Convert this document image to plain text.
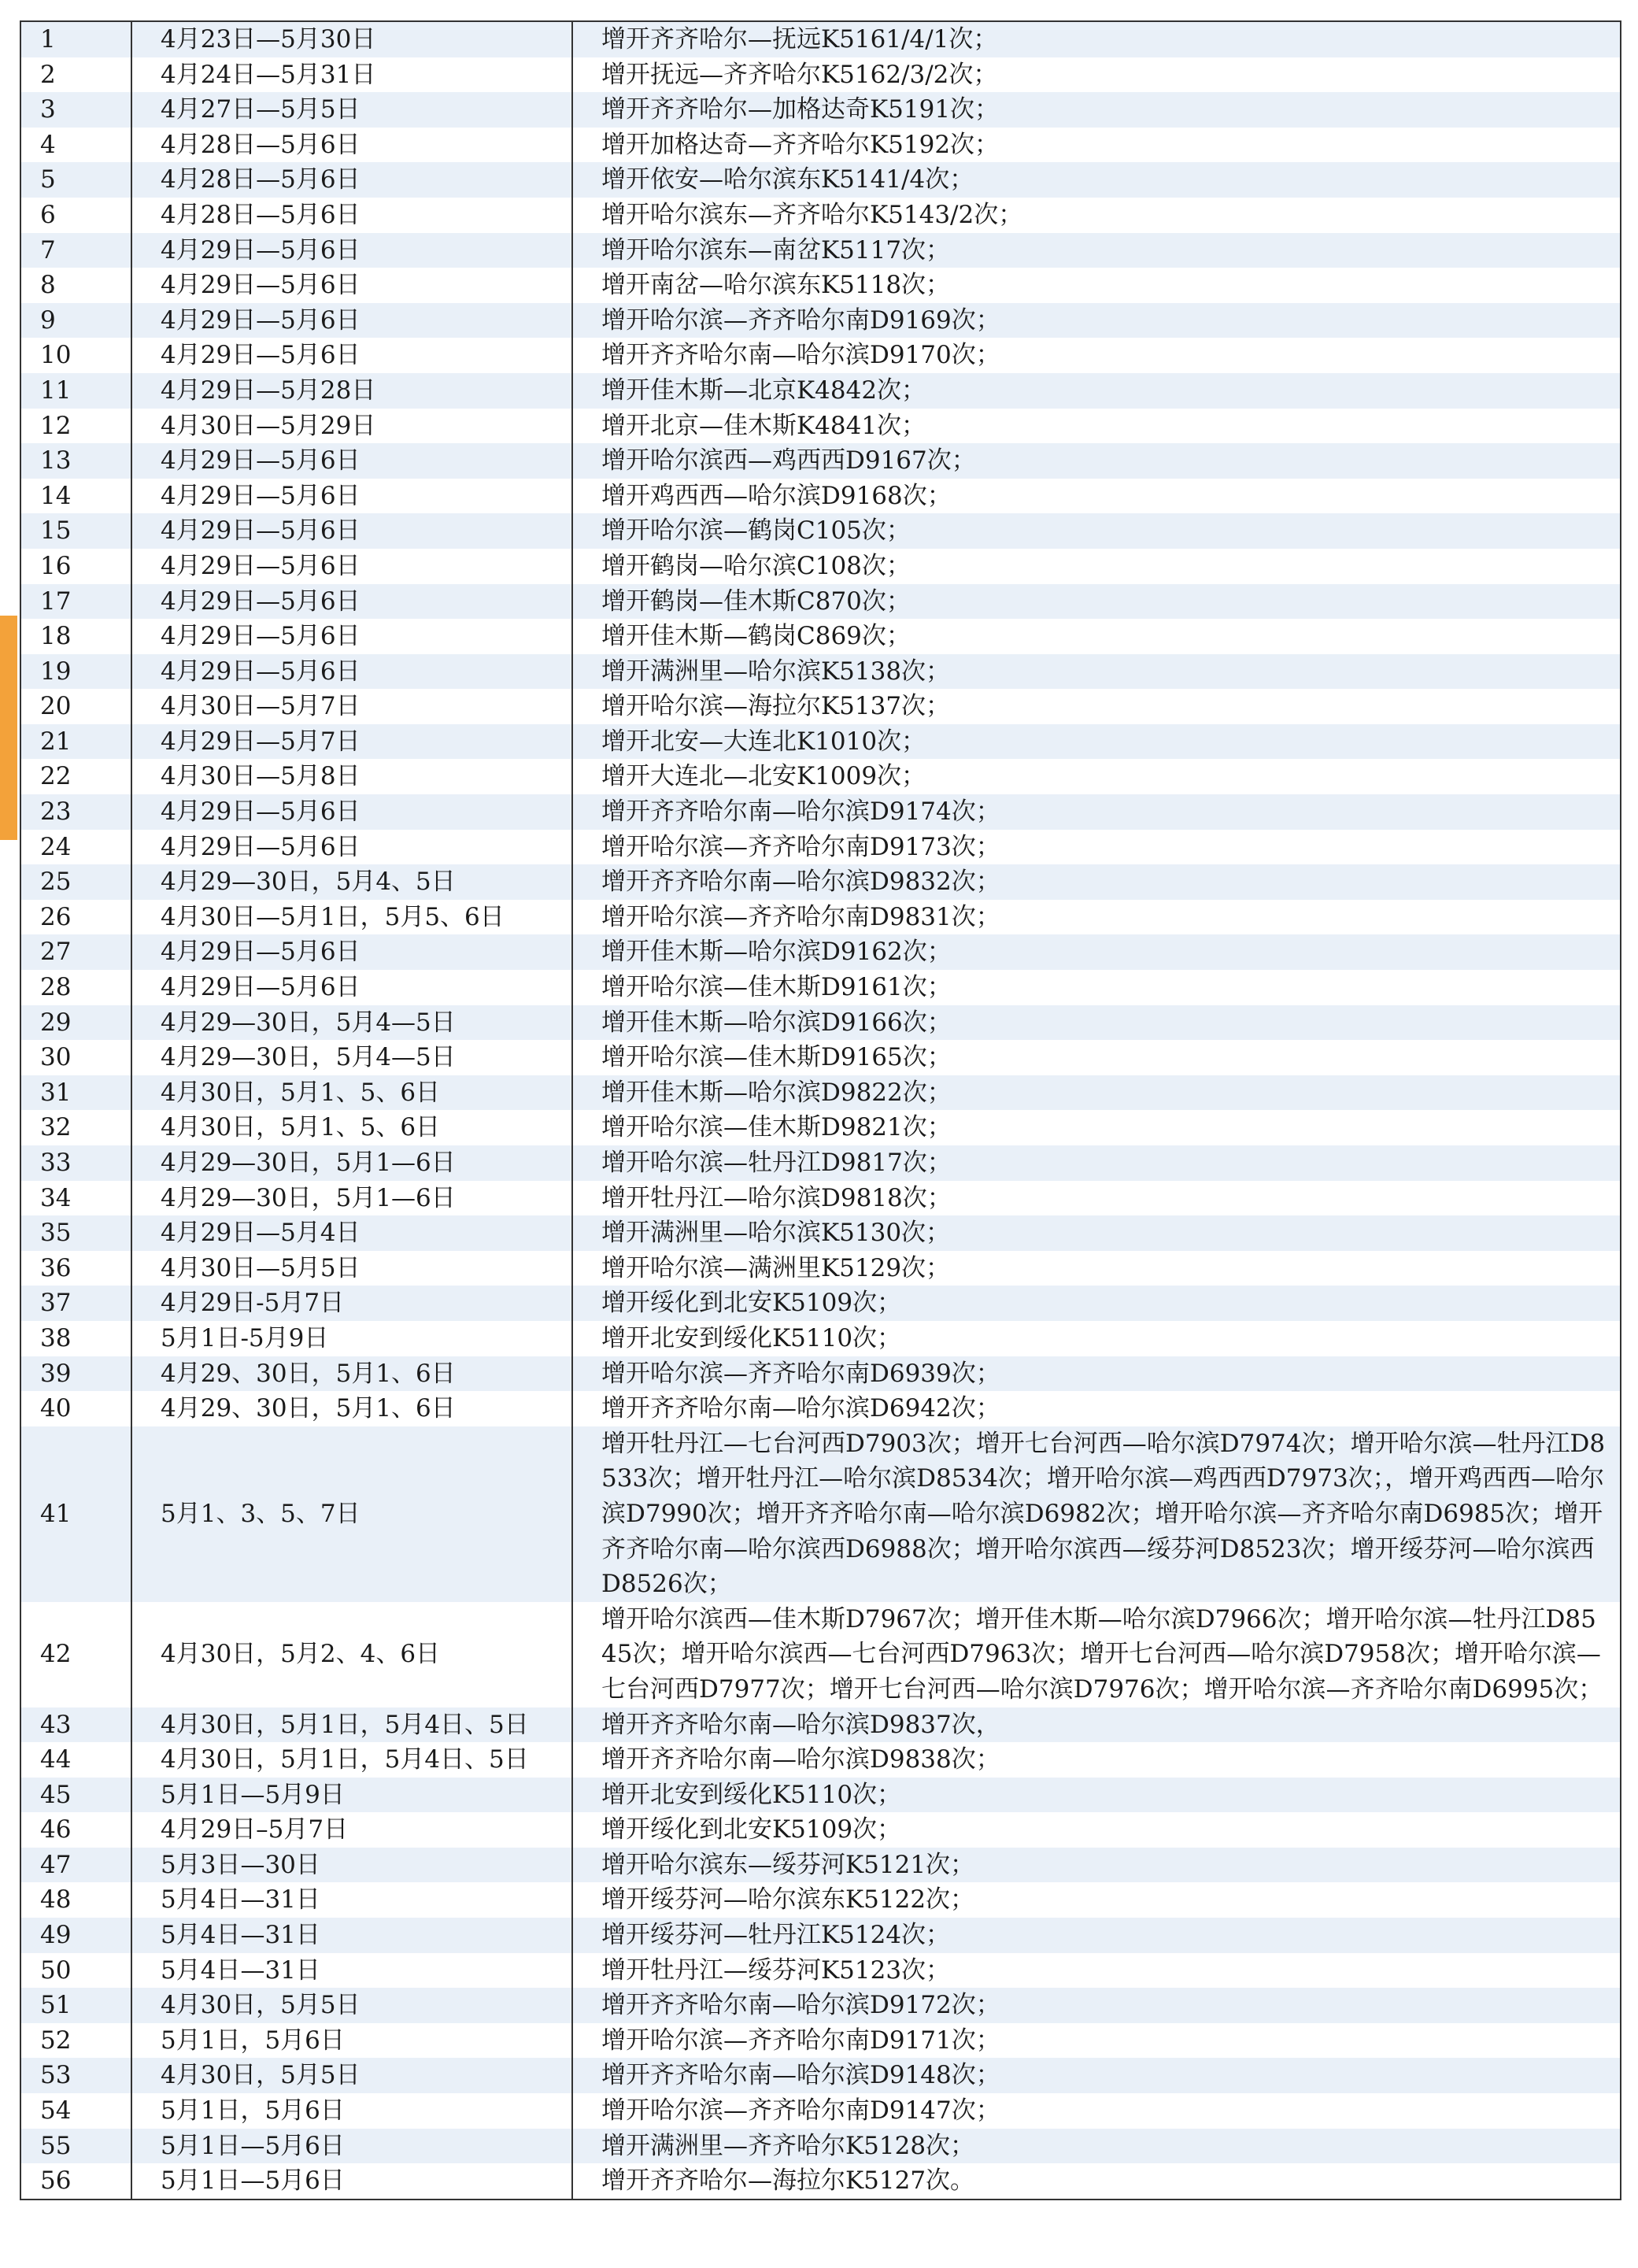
1	4月23日—5月30日	增开齐齐哈尔—抚远K5161/4/1次；
2	4月24日—5月31日	增开抚远—齐齐哈尔K5162/3/2次；
3	4月27日—5月5日	增开齐齐哈尔—加格达奇K5191次；
4	4月28日—5月6日	增开加格达奇—齐齐哈尔K5192次；
5	4月28日—5月6日	增开依安—哈尔滨东K5141/4次；
6	4月28日—5月6日	增开哈尔滨东—齐齐哈尔K5143/2次；
7	4月29日—5月6日	增开哈尔滨东—南岔K5117次；
8	4月29日—5月6日	增开南岔—哈尔滨东K5118次；
9	4月29日—5月6日	增开哈尔滨—齐齐哈尔南D9169次；
10	4月29日—5月6日	增开齐齐哈尔南—哈尔滨D9170次；
11	4月29日—5月28日	增开佳木斯—北京K4842次；
12	4月30日—5月29日	增开北京—佳木斯K4841次；
13	4月29日—5月6日	增开哈尔滨西—鸡西西D9167次；
14	4月29日—5月6日	增开鸡西西—哈尔滨D9168次；
15	4月29日—5月6日	增开哈尔滨—鹤岗C105次；
16	4月29日—5月6日	增开鹤岗—哈尔滨C108次；
17	4月29日—5月6日	增开鹤岗—佳木斯C870次；
18	4月29日—5月6日	增开佳木斯—鹤岗C869次；
19	4月29日—5月6日	增开满洲里—哈尔滨K5138次；
20	4月30日—5月7日	增开哈尔滨—海拉尔K5137次；
21	4月29日—5月7日	增开北安—大连北K1010次；
22	4月30日—5月8日	增开大连北—北安K1009次；
23	4月29日—5月6日	增开齐齐哈尔南—哈尔滨D9174次；
24	4月29日—5月6日	增开哈尔滨—齐齐哈尔南D9173次；
25	4月29—30日，5月4、5日	增开齐齐哈尔南—哈尔滨D9832次；
26	4月30日—5月1日，5月5、6日	增开哈尔滨—齐齐哈尔南D9831次；
27	4月29日—5月6日	增开佳木斯—哈尔滨D9162次；
28	4月29日—5月6日	增开哈尔滨—佳木斯D9161次；
29	4月29—30日，5月4—5日	增开佳木斯—哈尔滨D9166次；
30	4月29—30日，5月4—5日	增开哈尔滨—佳木斯D9165次；
31	4月30日，5月1、5、6日	增开佳木斯—哈尔滨D9822次；
32	4月30日，5月1、5、6日	增开哈尔滨—佳木斯D9821次；
33	4月29—30日，5月1—6日	增开哈尔滨—牡丹江D9817次；
34	4月29—30日，5月1—6日	增开牡丹江—哈尔滨D9818次；
35	4月29日—5月4日	增开满洲里—哈尔滨K5130次；
36	4月30日—5月5日	增开哈尔滨—满洲里K5129次；
37	4月29日-5月7日	增开绥化到北安K5109次；
38	5月1日-5月9日	增开北安到绥化K5110次；
39	4月29、30日，5月1、6日	增开哈尔滨—齐齐哈尔南D6939次；
40	4月29、30日，5月1、6日	增开齐齐哈尔南—哈尔滨D6942次；
41	5月1、3、5、7日	增开牡丹江—七台河西D7903次；增开七台河西—哈尔滨D7974次；增开哈尔滨—牡丹江D8533次；增开牡丹江—哈尔滨D8534次；增开哈尔滨—鸡西西D7973次；，增开鸡西西—哈尔滨D7990次；增开齐齐哈尔南—哈尔滨D6982次；增开哈尔滨—齐齐哈尔南D6985次；增开齐齐哈尔南—哈尔滨西D6988次；增开哈尔滨西—绥芬河D8523次；增开绥芬河—哈尔滨西D8526次；
42	4月30日，5月2、4、6日	增开哈尔滨西—佳木斯D7967次；增开佳木斯—哈尔滨D7966次；增开哈尔滨—牡丹江D8545次；增开哈尔滨西—七台河西D7963次；增开七台河西—哈尔滨D7958次；增开哈尔滨—七台河西D7977次；增开七台河西—哈尔滨D7976次；增开哈尔滨—齐齐哈尔南D6995次；
43	4月30日，5月1日，5月4日、5日	增开齐齐哈尔南—哈尔滨D9837次，
44	4月30日，5月1日，5月4日、5日	增开齐齐哈尔南—哈尔滨D9838次；
45	5月1日—5月9日	增开北安到绥化K5110次；
46	4月29日–5月7日	增开绥化到北安K5109次；
47	5月3日—30日	增开哈尔滨东—绥芬河K5121次；
48	5月4日—31日	增开绥芬河—哈尔滨东K5122次；
49	5月4日—31日	增开绥芬河—牡丹江K5124次；
50	5月4日—31日	增开牡丹江—绥芬河K5123次；
51	4月30日，5月5日	增开齐齐哈尔南—哈尔滨D9172次；
52	5月1日，5月6日	增开哈尔滨—齐齐哈尔南D9171次；
53	4月30日，5月5日	增开齐齐哈尔南—哈尔滨D9148次；
54	5月1日，5月6日	增开哈尔滨—齐齐哈尔南D9147次；
55	5月1日—5月6日	增开满洲里—齐齐哈尔K5128次；
56	5月1日—5月6日	增开齐齐哈尔—海拉尔K5127次。
